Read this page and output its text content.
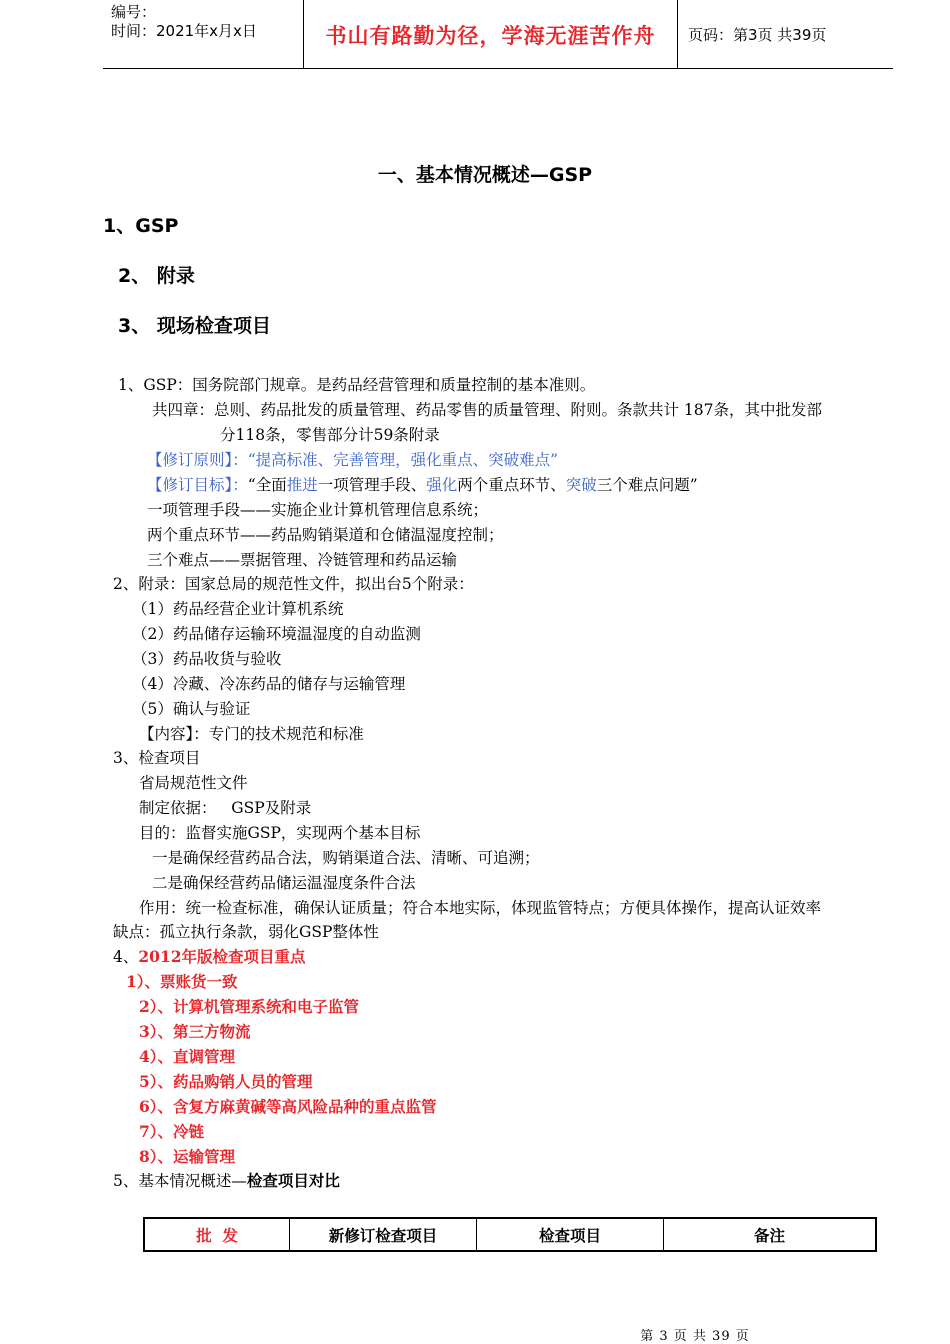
编号：
时间：2021年x月x日	书山有路勤为径，学海无涯苦作舟	页码：第3页 共39页
一、基本情况概述—GSP
1、GSP
2、 附录
3、 现场检查项目
1、GSP：国务院部门规章。是药品经营管理和质量控制的基本准则。
共四章：总则、药品批发的质量管理、药品零售的质量管理、附则。条款共计 187条，其中批发部
分118条，零售部分计59条附录
【修订原则】：“提高标准、完善管理，强化重点、突破难点”
【修订目标】：“全面推进一项管理手段、强化两个重点环节、突破三个难点问题”
一项管理手段——实施企业计算机管理信息系统；
两个重点环节——药品购销渠道和仓储温湿度控制；
三个难点——票据管理、冷链管理和药品运输
2、附录：国家总局的规范性文件，拟出台5个附录：
（1）药品经营企业计算机系统
（2）药品储存运输环境温湿度的自动监测
（3）药品收货与验收
（4）冷藏、冷冻药品的储存与运输管理
（5）确认与验证
【内容】：专门的技术规范和标准
3、检查项目
省局规范性文件
制定依据：   GSP及附录
目的：监督实施GSP，实现两个基本目标
一是确保经营药品合法，购销渠道合法、清晰、可追溯；
二是确保经营药品储运温湿度条件合法
作用：统一检查标准，确保认证质量；符合本地实际，体现监管特点；方便具体操作，提高认证效率
缺点：孤立执行条款，弱化GSP整体性
4、2012年版检查项目重点
1）、票账货一致
2）、计算机管理系统和电子监管
3）、第三方物流
4）、直调管理
5）、药品购销人员的管理
6）、含复方麻黄碱等高风险品种的重点监管
7）、冷链
8）、运输管理
5、基本情况概述—检查项目对比
批  发	新修订检查项目	检查项目	备注
第 3 页 共 39 页
